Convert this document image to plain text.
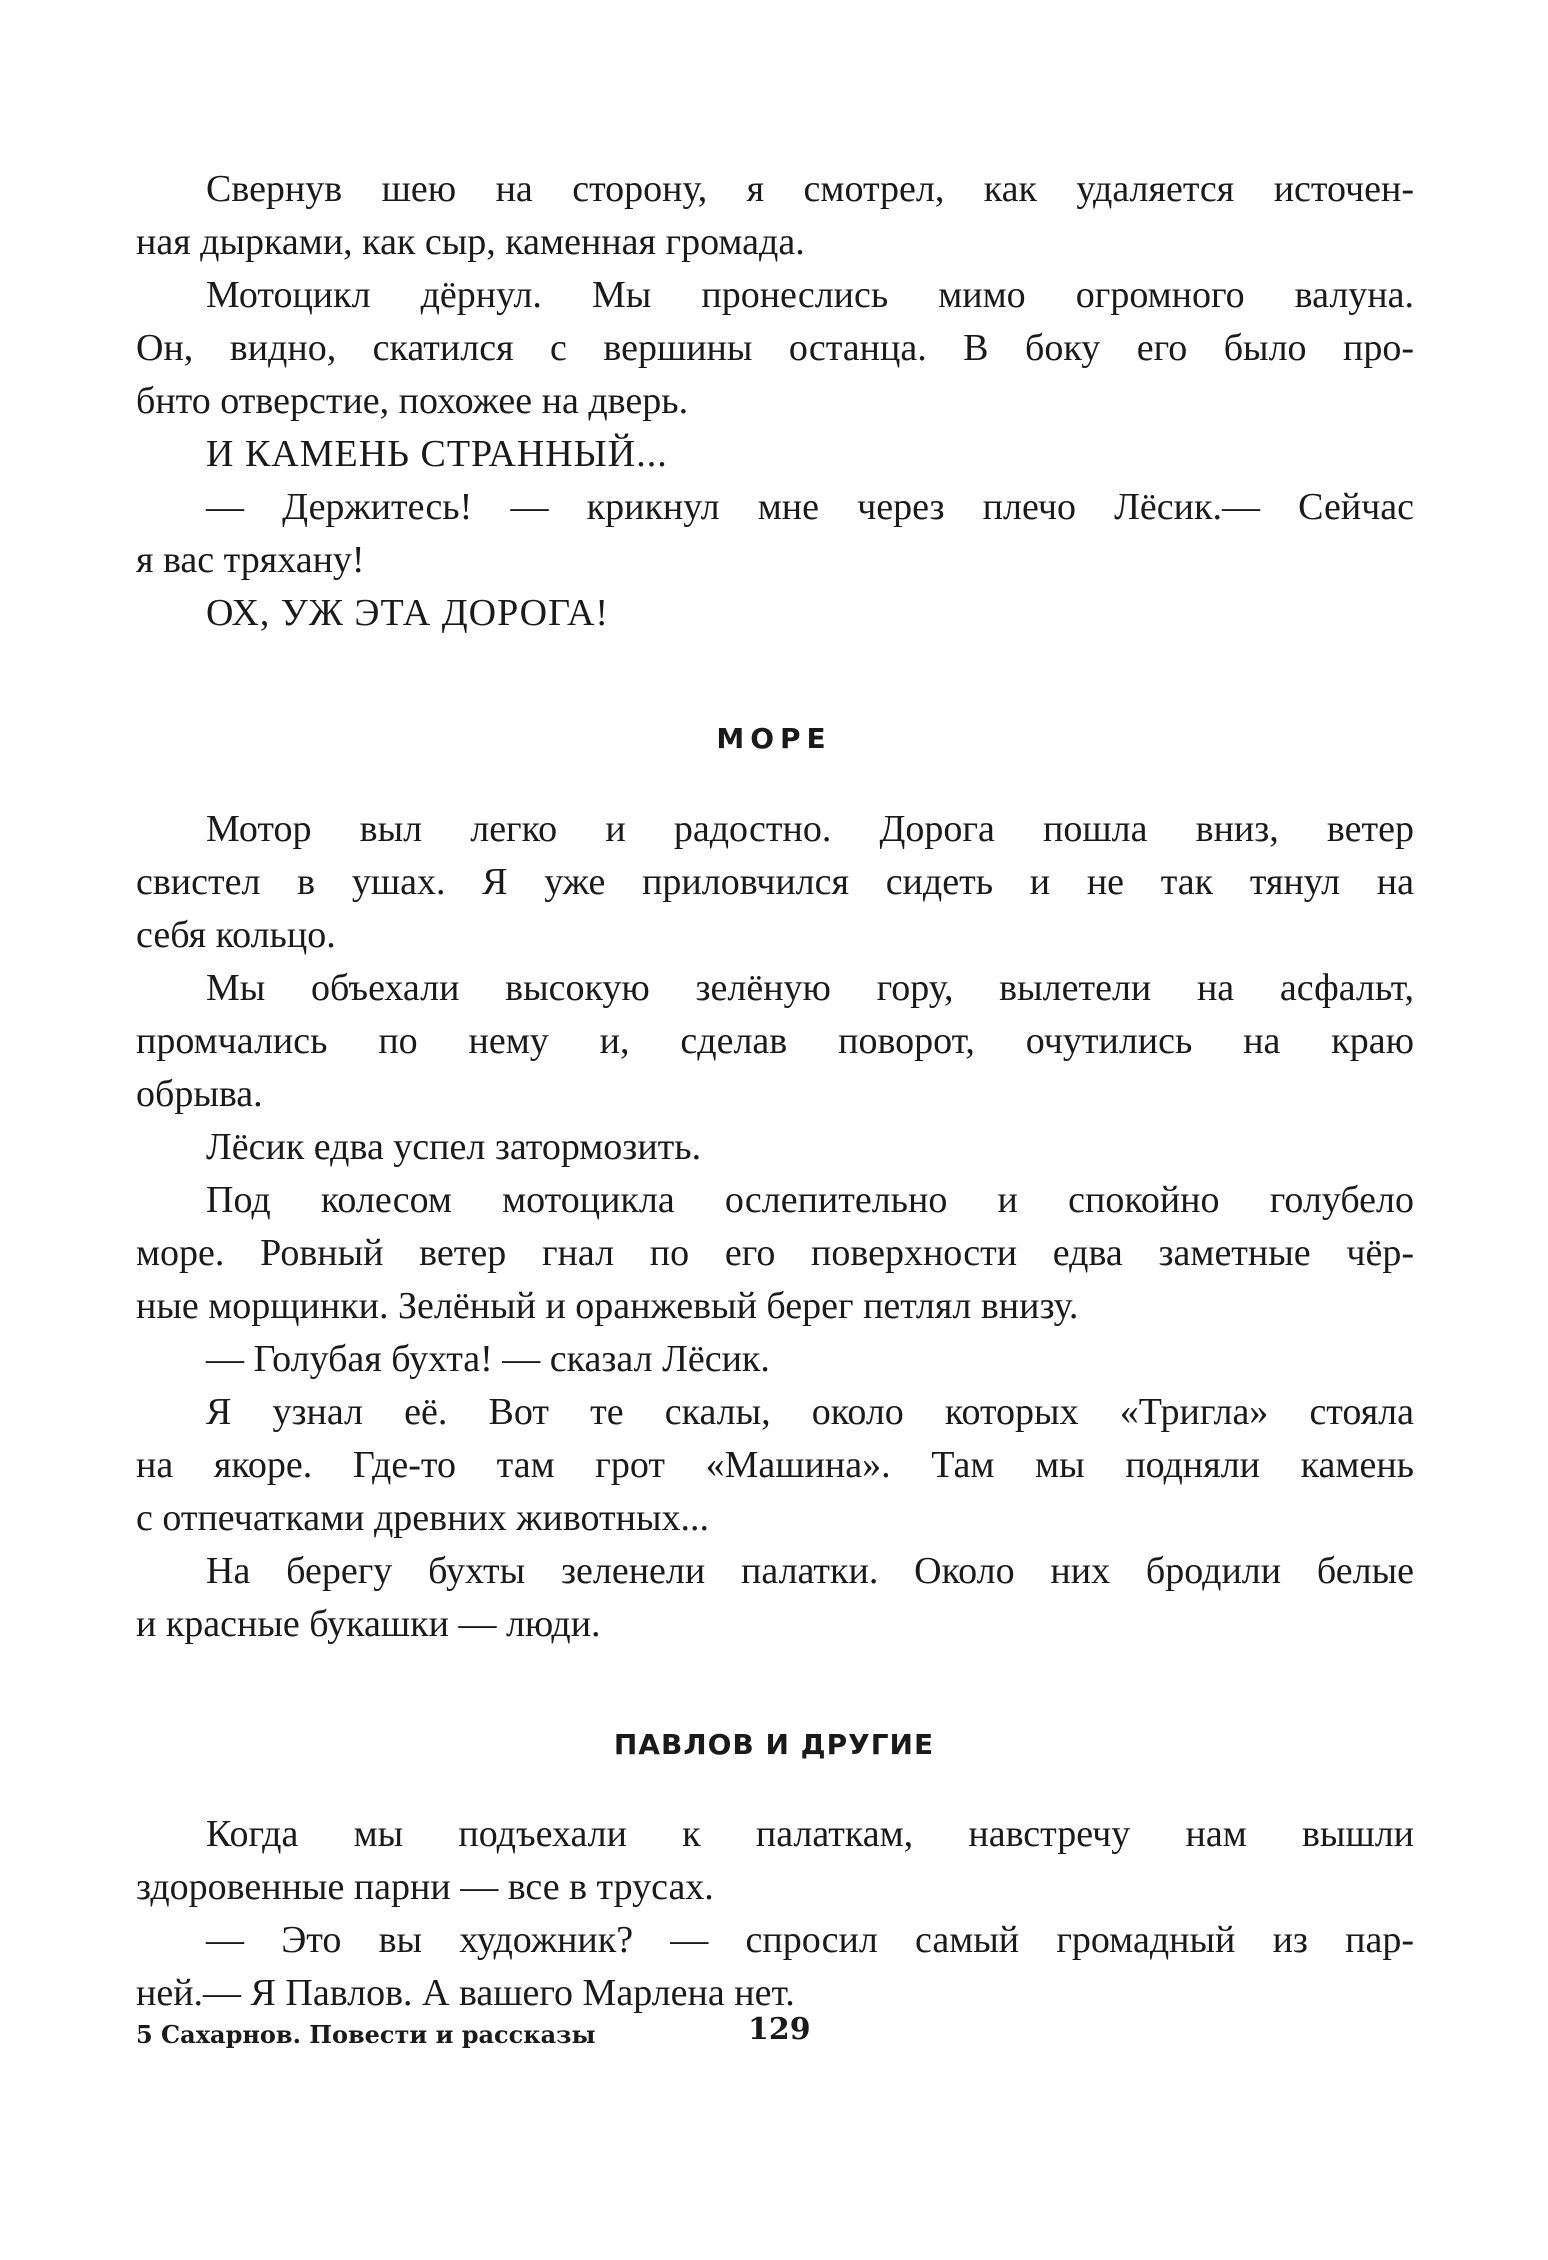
Свернув шею на сторону, я смотрел, как удаляется источен-
ная дырками, как сыр, каменная громада.
Мотоцикл дёрнул. Мы пронеслись мимо огромного валуна.
Он, видно, скатился с вершины останца. В боку его было про-
бнто отверстие, похожее на дверь.
И КАМЕНЬ СТРАННЫЙ...
— Держитесь! — крикнул мне через плечо Лёсик.— Сейчас
я вас тряхану!
ОХ, УЖ ЭТА ДОРОГА!
МОРЕ
Мотор выл легко и радостно. Дорога пошла вниз, ветер
свистел в ушах. Я уже приловчился сидеть и не так тянул на
себя кольцо.
Мы объехали высокую зелёную гору, вылетели на асфальт,
промчались по нему и, сделав поворот, очутились на краю
обрыва.
Лёсик едва успел затормозить.
Под колесом мотоцикла ослепительно и спокойно голубело
море. Ровный ветер гнал по его поверхности едва заметные чёр-
ные морщинки. Зелёный и оранжевый берег петлял внизу.
— Голубая бухта! — сказал Лёсик.
Я узнал её. Вот те скалы, около которых «Тригла» стояла
на якоре. Где-то там грот «Машина». Там мы подняли камень
с отпечатками древних животных...
На берегу бухты зеленели палатки. Около них бродили белые
и красные букашки — люди.
ПАВЛОВ И ДРУГИЕ
Когда мы подъехали к палаткам, навстречу нам вышли
здоровенные парни — все в трусах.
— Это вы художник? — спросил самый громадный из пар-
ней.— Я Павлов. А вашего Марлена нет.
5 Сахарнов. Повести и рассказы	129
